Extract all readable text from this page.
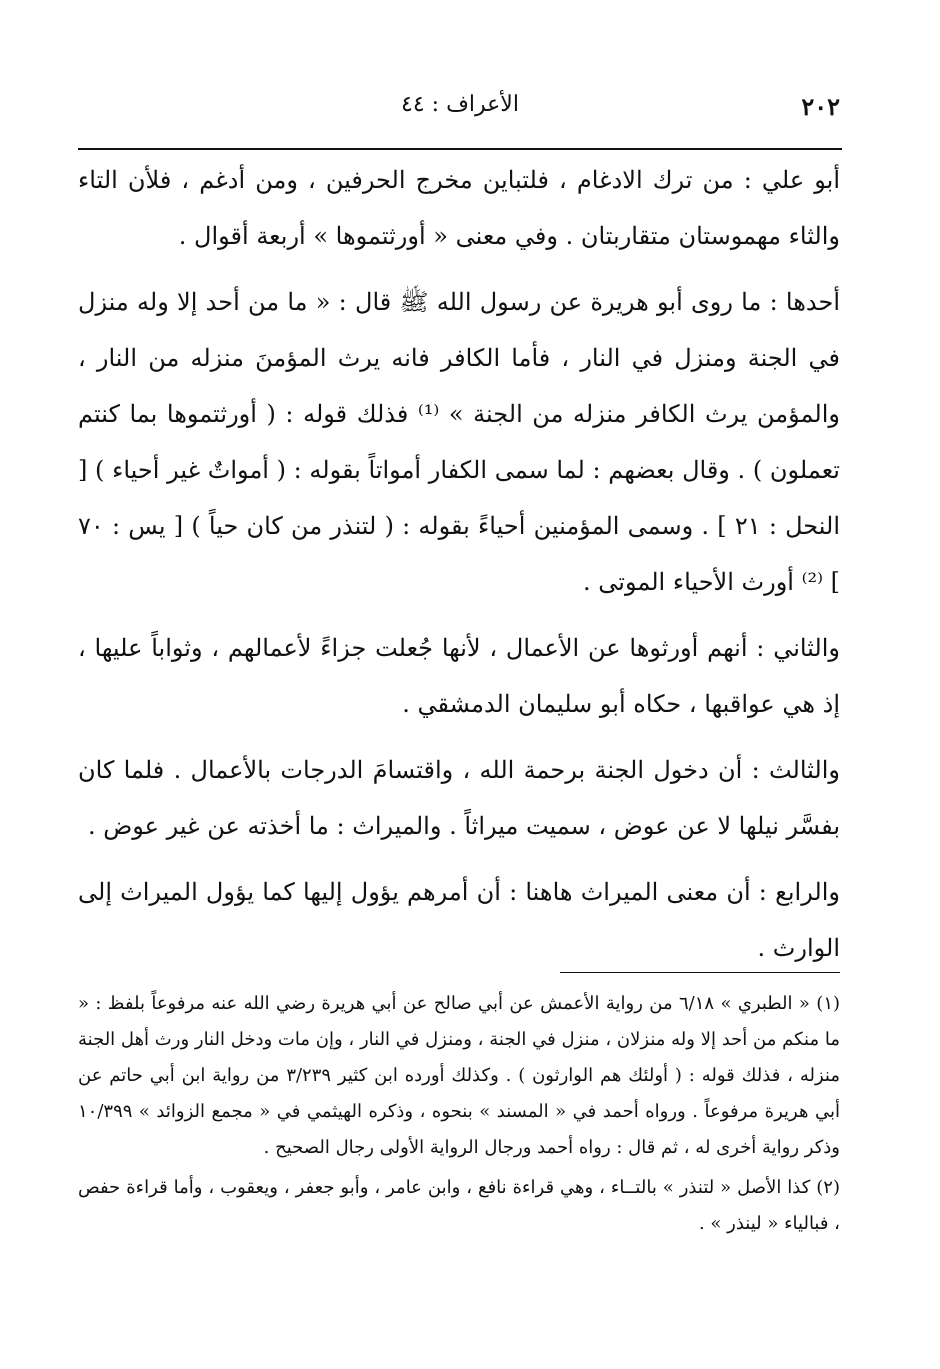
٢٠٢
الأعراف : ٤٤

أبو علي : من ترك الادغام ، فلتباين مخرج الحرفين ، ومن أدغم ، فلأن التاء والثاء مهموستان متقاربتان . وفي معنى « أورثتموها » أربعة أقوال .

أحدها : ما روى أبو هريرة عن رسول الله ﷺ قال : « ما من أحد إلا وله منزل في الجنة ومنزل في النار ، فأما الكافر فانه يرث المؤمنَ منزله من النار ، والمؤمن يرث الكافر منزله من الجنة » ⁽¹⁾ فذلك قوله : ( أورثتموها بما كنتم تعملون ) . وقال بعضهم : لما سمى الكفار أمواتاً بقوله : ( أمواتٌ غير أحياء ) [ النحل : ٢١ ] . وسمى المؤمنين أحياءً بقوله : ( لتنذر من كان حياً ) [ يس : ٧٠ ] ⁽²⁾ أورث الأحياء الموتى .

والثاني : أنهم أورثوها عن الأعمال ، لأنها جُعلت جزاءً لأعمالهم ، وثواباً عليها ، إذ هي عواقبها ، حكاه أبو سليمان الدمشقي .

والثالث : أن دخول الجنة برحمة الله ، واقتسامَ الدرجات بالأعمال . فلما كان بفسَّر نيلها لا عن عوض ، سميت ميراثاً . والميراث : ما أخذته عن غير عوض .

والرابع : أن معنى الميراث هاهنا : أن أمرهم يؤول إليها كما يؤول الميراث إلى الوارث .

(١) « الطبري » ٦/١٨ من رواية الأعمش عن أبي صالح عن أبي هريرة رضي الله عنه مرفوعاً بلفظ : « ما منكم من أحد إلا وله منزلان ، منزل في الجنة ، ومنزل في النار ، وإن مات ودخل النار ورث أهل الجنة منزله ، فذلك قوله : ( أولئك هم الوارثون ) . وكذلك أورده ابن كثير ٣/٢٣٩ من رواية ابن أبي حاتم عن أبي هريرة مرفوعاً . ورواه أحمد في « المسند » بنحوه ، وذكره الهيثمي في « مجمع الزوائد » ١٠/٣٩٩ وذكر رواية أخرى له ، ثم قال : رواه أحمد ورجال الرواية الأولى رجال الصحيح .

(٢) كذا الأصل « لتنذر » بالتــاء ، وهي قراءة نافع ، وابن عامر ، وأبو جعفر ، ويعقوب ، وأما قراءة حفص ، فبالياء « لينذر » .
